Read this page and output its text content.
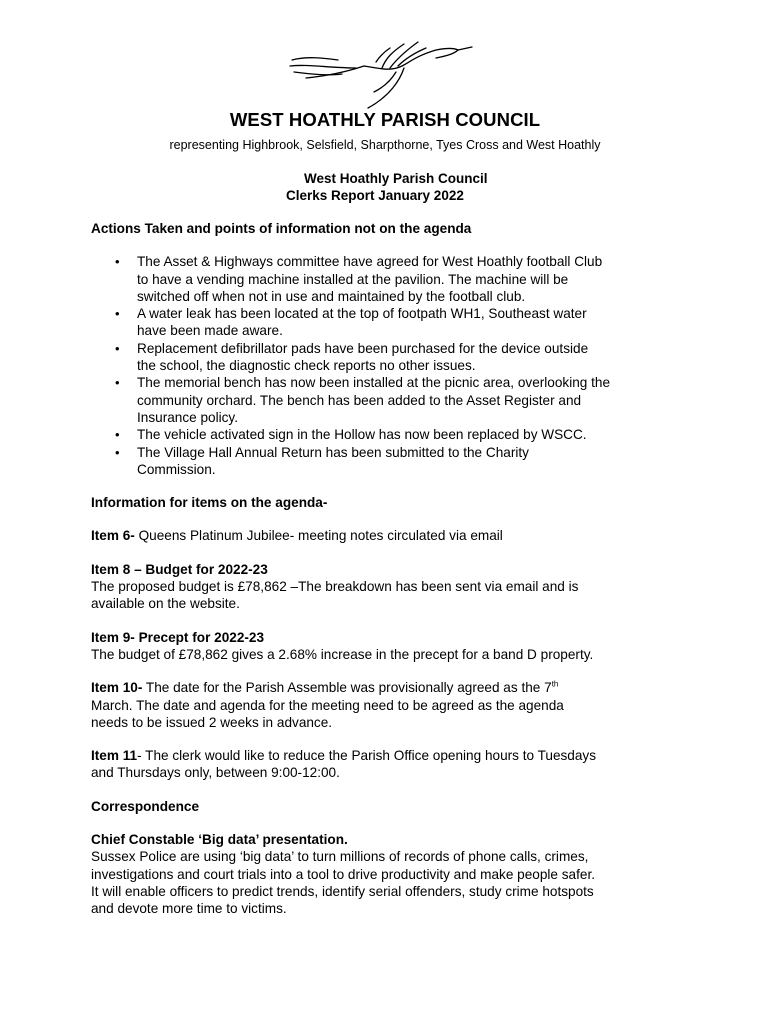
WEST HOATHLY PARISH COUNCIL
representing Highbrook, Selsfield, Sharpthorne, Tyes Cross and West Hoathly
West Hoathly Parish Council
Clerks Report January 2022

Actions Taken and points of information not on the agenda

• The Asset & Highways committee have agreed for West Hoathly football Club
to have a vending machine installed at the pavilion. The machine will be
switched off when not in use and maintained by the football club.
• A water leak has been located at the top of footpath WH1, Southeast water
have been made aware.
• Replacement defibrillator pads have been purchased for the device outside
the school, the diagnostic check reports no other issues.
• The memorial bench has now been installed at the picnic area, overlooking the
community orchard. The bench has been added to the Asset Register and
Insurance policy.
• The vehicle activated sign in the Hollow has now been replaced by WSCC.
• The Village Hall Annual Return has been submitted to the Charity
Commission.

Information for items on the agenda-

Item 6- Queens Platinum Jubilee- meeting notes circulated via email

Item 8 – Budget for 2022-23

The proposed budget is £78,862 –The breakdown has been sent via email and is

available on the website.

Item 9- Precept for 2022-23

The budget of £78,862 gives a 2.68% increase in the precept for a band D property.

Item 10- The date for the Parish Assemble was provisionally agreed as the 7th

March. The date and agenda for the meeting need to be agreed as the agenda

needs to be issued 2 weeks in advance.

Item 11- The clerk would like to reduce the Parish Office opening hours to Tuesdays

and Thursdays only, between 9:00-12:00.

Correspondence

Chief Constable ‘Big data’ presentation.

Sussex Police are using ‘big data’ to turn millions of records of phone calls, crimes,

investigations and court trials into a tool to drive productivity and make people safer.

It will enable officers to predict trends, identify serial offenders, study crime hotspots

and devote more time to victims.
